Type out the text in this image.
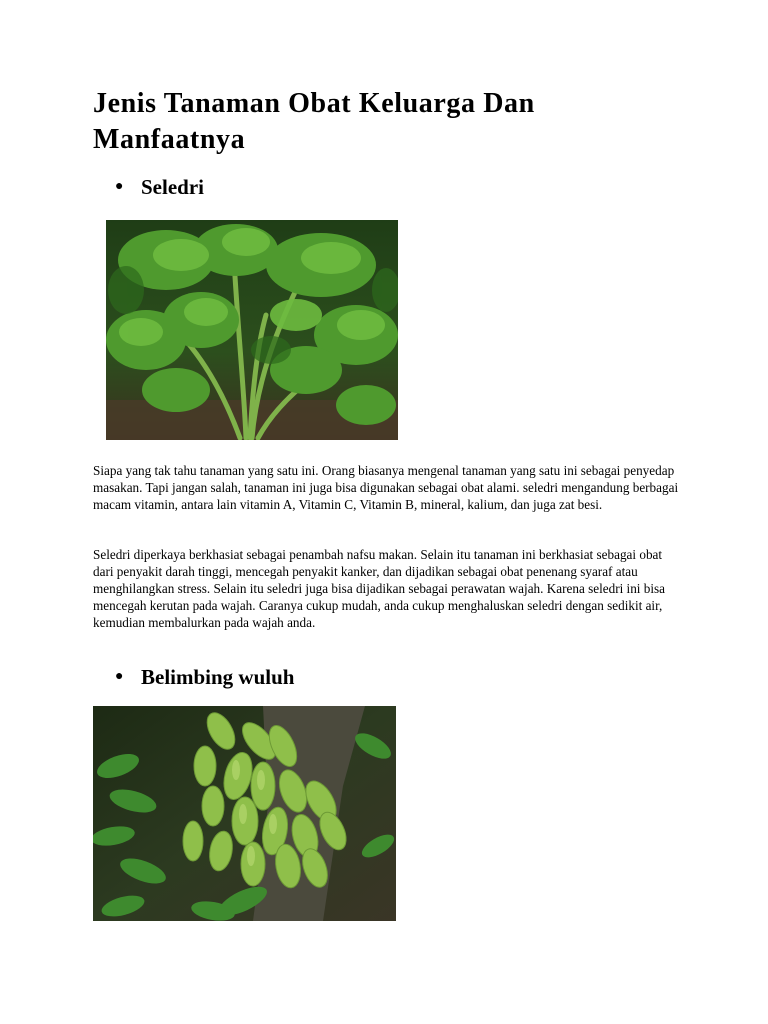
Jenis Tanaman Obat Keluarga Dan Manfaatnya
● Seledri

Siapa yang tak tahu tanaman yang satu ini. Orang biasanya mengenal tanaman yang satu ini sebagai penyedap masakan. Tapi jangan salah, tanaman ini juga bisa digunakan sebagai obat alami. seledri mengandung berbagai macam vitamin, antara lain vitamin A, Vitamin C, Vitamin B, mineral, kalium, dan juga zat besi.

Seledri diperkaya berkhasiat sebagai penambah nafsu makan. Selain itu tanaman ini berkhasiat sebagai obat dari penyakit darah tinggi, mencegah penyakit kanker, dan dijadikan sebagai obat penenang syaraf atau menghilangkan stress. Selain itu seledri juga bisa dijadikan sebagai perawatan wajah. Karena seledri ini bisa mencegah kerutan pada wajah. Caranya cukup mudah, anda cukup menghaluskan seledri dengan sedikit air, kemudian membalurkan pada wajah anda.

● Belimbing wuluh
